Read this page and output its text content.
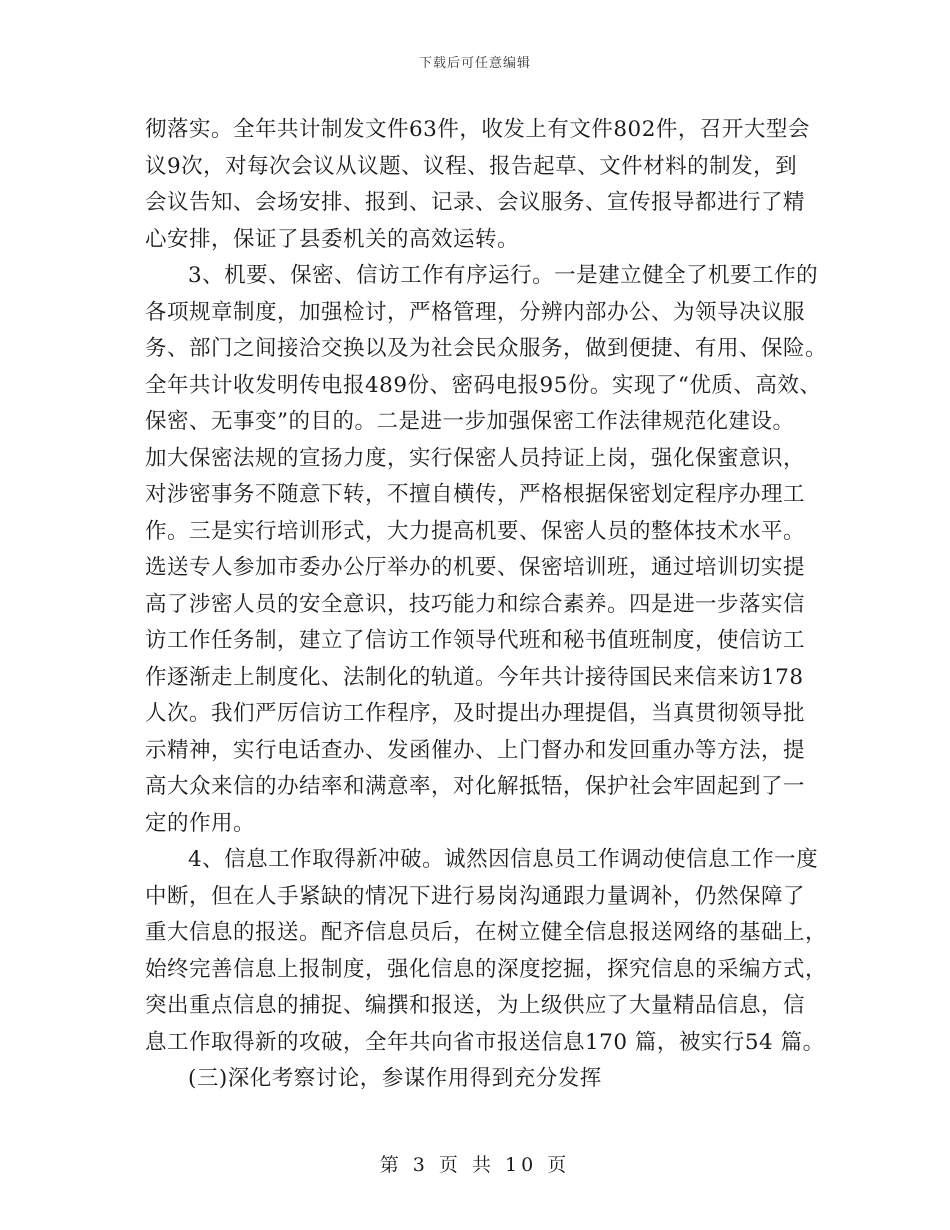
下载后可任意编辑
彻落实。全年共计制发文件63件，收发上有文件802件，召开大型会
议9次，对每次会议从议题、议程、报告起草、文件材料的制发，到
会议告知、会场安排、报到、记录、会议服务、宣传报导都进行了精
心安排，保证了县委机关的高效运转。
3、机要、保密、信访工作有序运行。一是建立健全了机要工作的
各项规章制度，加强检讨，严格管理，分辨内部办公、为领导决议服
务、部门之间接洽交换以及为社会民众服务，做到便捷、有用、保险。
全年共计收发明传电报489份、密码电报95份。实现了“优质、高效、
保密、无事变”的目的。二是进一步加强保密工作法律规范化建设。
加大保密法规的宣扬力度，实行保密人员持证上岗，强化保蜜意识，
对涉密事务不随意下转，不擅自横传，严格根据保密划定程序办理工
作。三是实行培训形式，大力提高机要、保密人员的整体技术水平。
选送专人参加市委办公厅举办的机要、保密培训班，通过培训切实提
高了涉密人员的安全意识，技巧能力和综合素养。四是进一步落实信
访工作任务制，建立了信访工作领导代班和秘书值班制度，使信访工
作逐渐走上制度化、法制化的轨道。今年共计接待国民来信来访178
人次。我们严厉信访工作程序，及时提出办理提倡，当真贯彻领导批
示精神，实行电话查办、发函催办、上门督办和发回重办等方法，提
高大众来信的办结率和满意率，对化解抵牾，保护社会牢固起到了一
定的作用。
4、信息工作取得新冲破。诚然因信息员工作调动使信息工作一度
中断，但在人手紧缺的情况下进行易岗沟通跟力量调补，仍然保障了
重大信息的报送。配齐信息员后，在树立健全信息报送网络的基础上，
始终完善信息上报制度，强化信息的深度挖掘，探究信息的采编方式，
突出重点信息的捕捉、编撰和报送，为上级供应了大量精品信息，信
息工作取得新的攻破，全年共向省市报送信息170 篇，被实行54 篇。
(三)深化考察讨论，参谋作用得到充分发挥
第 3 页 共 10 页
